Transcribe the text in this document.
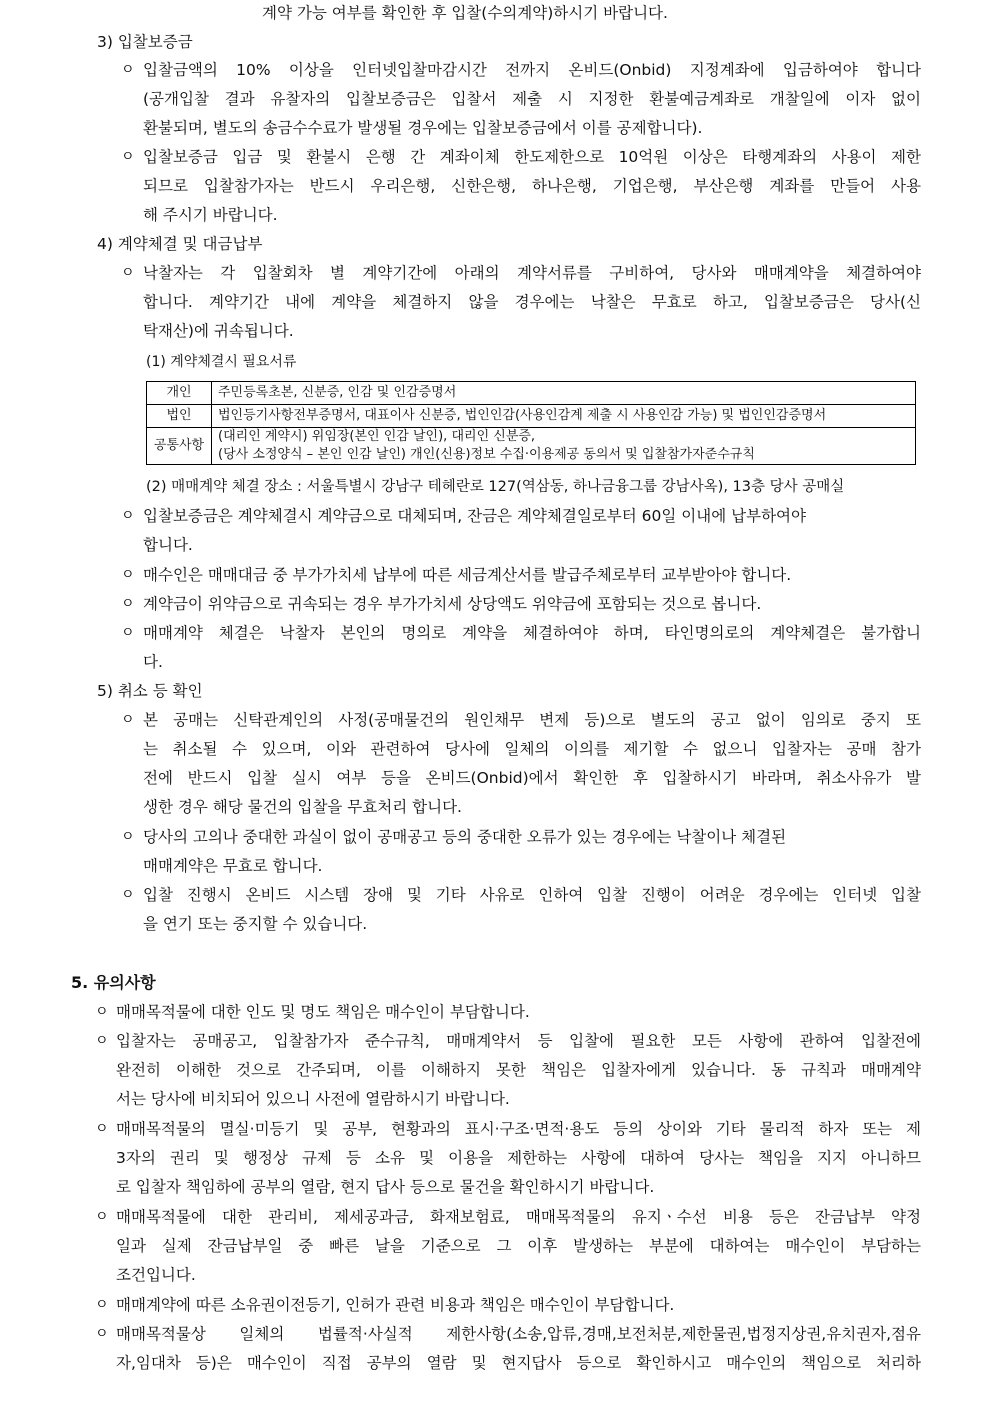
계약 가능 여부를 확인한 후 입찰(수의계약)하시기 바랍니다.
3) 입찰보증금
ㅇ 입찰금액의 10% 이상을 인터넷입찰마감시간 전까지 온비드(Onbid) 지정계좌에 입금하여야 합니다
(공개입찰 결과 유찰자의 입찰보증금은 입찰서 제출 시 지정한 환불예금계좌로 개찰일에 이자 없이
환불되며, 별도의 송금수수료가 발생될 경우에는 입찰보증금에서 이를 공제합니다).
ㅇ 입찰보증금 입금 및 환불시 은행 간 계좌이체 한도제한으로 10억원 이상은 타행계좌의 사용이 제한
되므로 입찰참가자는 반드시 우리은행, 신한은행, 하나은행, 기업은행, 부산은행 계좌를 만들어 사용
해 주시기 바랍니다.
4) 계약체결 및 대금납부
ㅇ 낙찰자는 각 입찰회차 별 계약기간에 아래의 계약서류를 구비하여, 당사와 매매계약을 체결하여야
합니다. 계약기간 내에 계약을 체결하지 않을 경우에는 낙찰은 무효로 하고, 입찰보증금은 당사(신
탁재산)에 귀속됩니다.
(1) 계약체결시 필요서류
개인	주민등록초본, 신분증, 인감 및 인감증명서
법인	법인등기사항전부증명서, 대표이사 신분증, 법인인감(사용인감계 제출 시 사용인감 가능) 및 법인인감증명서
공통사항	(대리인 계약시) 위임장(본인 인감 날인), 대리인 신분증,
(당사 소정양식 – 본인 인감 날인) 개인(신용)정보 수집·이용제공 동의서 및 입찰참가자준수규칙
(2) 매매계약 체결 장소 : 서울특별시 강남구 테헤란로 127(역삼동, 하나금융그룹 강남사옥), 13층 당사 공매실
ㅇ 입찰보증금은 계약체결시 계약금으로 대체되며, 잔금은 계약체결일로부터 60일 이내에 납부하여야
합니다.
ㅇ 매수인은 매매대금 중 부가가치세 납부에 따른 세금계산서를 발급주체로부터 교부받아야 합니다.
ㅇ 계약금이 위약금으로 귀속되는 경우 부가가치세 상당액도 위약금에 포함되는 것으로 봅니다.
ㅇ 매매계약 체결은 낙찰자 본인의 명의로 계약을 체결하여야 하며, 타인명의로의 계약체결은 불가합니
다.
5) 취소 등 확인
ㅇ 본 공매는 신탁관계인의 사정(공매물건의 원인채무 변제 등)으로 별도의 공고 없이 임의로 중지 또
는 취소될 수 있으며, 이와 관련하여 당사에 일체의 이의를 제기할 수 없으니 입찰자는 공매 참가
전에 반드시 입찰 실시 여부 등을 온비드(Onbid)에서 확인한 후 입찰하시기 바라며, 취소사유가 발
생한 경우 해당 물건의 입찰을 무효처리 합니다.
ㅇ 당사의 고의나 중대한 과실이 없이 공매공고 등의 중대한 오류가 있는 경우에는 낙찰이나 체결된
매매계약은 무효로 합니다.
ㅇ 입찰 진행시 온비드 시스템 장애 및 기타 사유로 인하여 입찰 진행이 어려운 경우에는 인터넷 입찰
을 연기 또는 중지할 수 있습니다.
5. 유의사항
ㅇ 매매목적물에 대한 인도 및 명도 책임은 매수인이 부담합니다.
ㅇ 입찰자는 공매공고, 입찰참가자 준수규칙, 매매계약서 등 입찰에 필요한 모든 사항에 관하여 입찰전에
완전히 이해한 것으로 간주되며, 이를 이해하지 못한 책임은 입찰자에게 있습니다. 동 규칙과 매매계약
서는 당사에 비치되어 있으니 사전에 열람하시기 바랍니다.
ㅇ 매매목적물의 멸실·미등기 및 공부, 현황과의 표시·구조·면적·용도 등의 상이와 기타 물리적 하자 또는 제
3자의 권리 및 행정상 규제 등 소유 및 이용을 제한하는 사항에 대하여 당사는 책임을 지지 아니하므
로 입찰자 책임하에 공부의 열람, 현지 답사 등으로 물건을 확인하시기 바랍니다.
ㅇ 매매목적물에 대한 관리비, 제세공과금, 화재보험료, 매매목적물의 유지ㆍ수선 비용 등은 잔금납부 약정
일과 실제 잔금납부일 중 빠른 날을 기준으로 그 이후 발생하는 부분에 대하여는 매수인이 부담하는
조건입니다.
ㅇ 매매계약에 따른 소유권이전등기, 인허가 관련 비용과 책임은 매수인이 부담합니다.
ㅇ 매매목적물상 일체의 법률적·사실적 제한사항(소송,압류,경매,보전처분,제한물권,법정지상권,유치권자,점유
자,임대차 등)은 매수인이 직접 공부의 열람 및 현지답사 등으로 확인하시고 매수인의 책임으로 처리하
